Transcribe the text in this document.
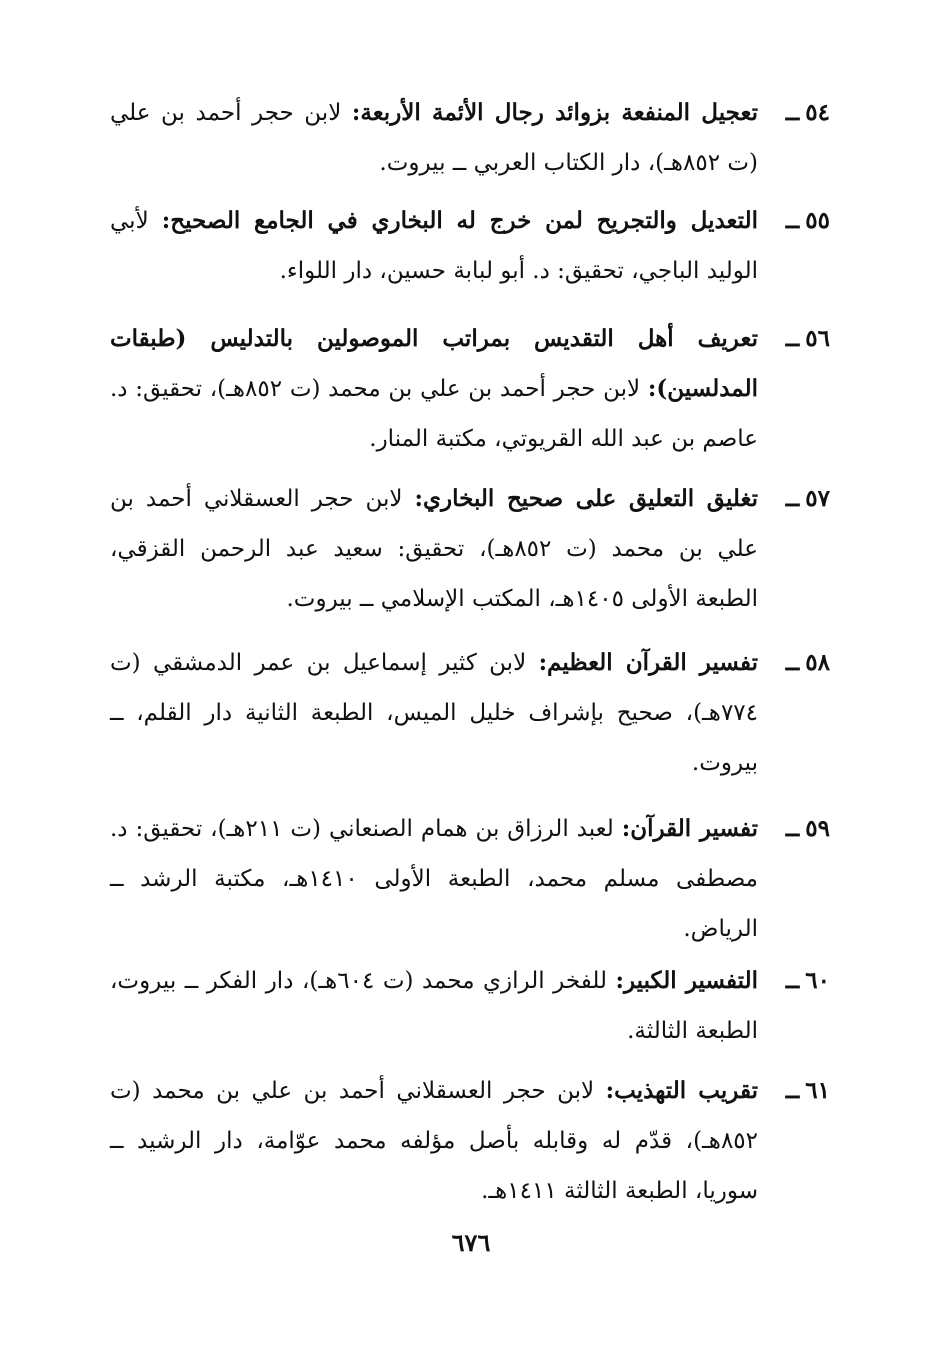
٥٤ــ
تعجيل المنفعة بزوائد رجال الأئمة الأربعة: لابن حجر أحمد بن علي (ت ٨٥٢هـ)، دار الكتاب العربي ــ بيروت.
٥٥ــ
التعديل والتجريح لمن خرج له البخاري في الجامع الصحيح: لأبي الوليد الباجي، تحقيق: د. أبو لبابة حسين، دار اللواء.
٥٦ــ
تعريف أهل التقديس بمراتب الموصولين بالتدليس (طبقات المدلسين): لابن حجر أحمد بن علي بن محمد (ت ٨٥٢هـ)، تحقيق: د. عاصم بن عبد الله القريوتي، مكتبة المنار.
٥٧ــ
تغليق التعليق على صحيح البخاري: لابن حجر العسقلاني أحمد بن علي بن محمد (ت ٨٥٢هـ)، تحقيق: سعيد عبد الرحمن القزقي، الطبعة الأولى ١٤٠٥هـ، المكتب الإسلامي ــ بيروت.
٥٨ــ
تفسير القرآن العظيم: لابن كثير إسماعيل بن عمر الدمشقي (ت ٧٧٤هـ)، صحيح بإشراف خليل الميس، الطبعة الثانية دار القلم، ــ بيروت.
٥٩ــ
تفسير القرآن: لعبد الرزاق بن همام الصنعاني (ت ٢١١هـ)، تحقيق: د. مصطفى مسلم محمد، الطبعة الأولى ١٤١٠هـ، مكتبة الرشد ــ الرياض.
٦٠ــ
التفسير الكبير: للفخر الرازي محمد (ت ٦٠٤هـ)، دار الفكر ــ بيروت، الطبعة الثالثة.
٦١ــ
تقريب التهذيب: لابن حجر العسقلاني أحمد بن علي بن محمد (ت ٨٥٢هـ)، قدّم له وقابله بأصل مؤلفه محمد عوّامة، دار الرشيد ــ سوريا، الطبعة الثالثة ١٤١١هـ.
٦٧٦
